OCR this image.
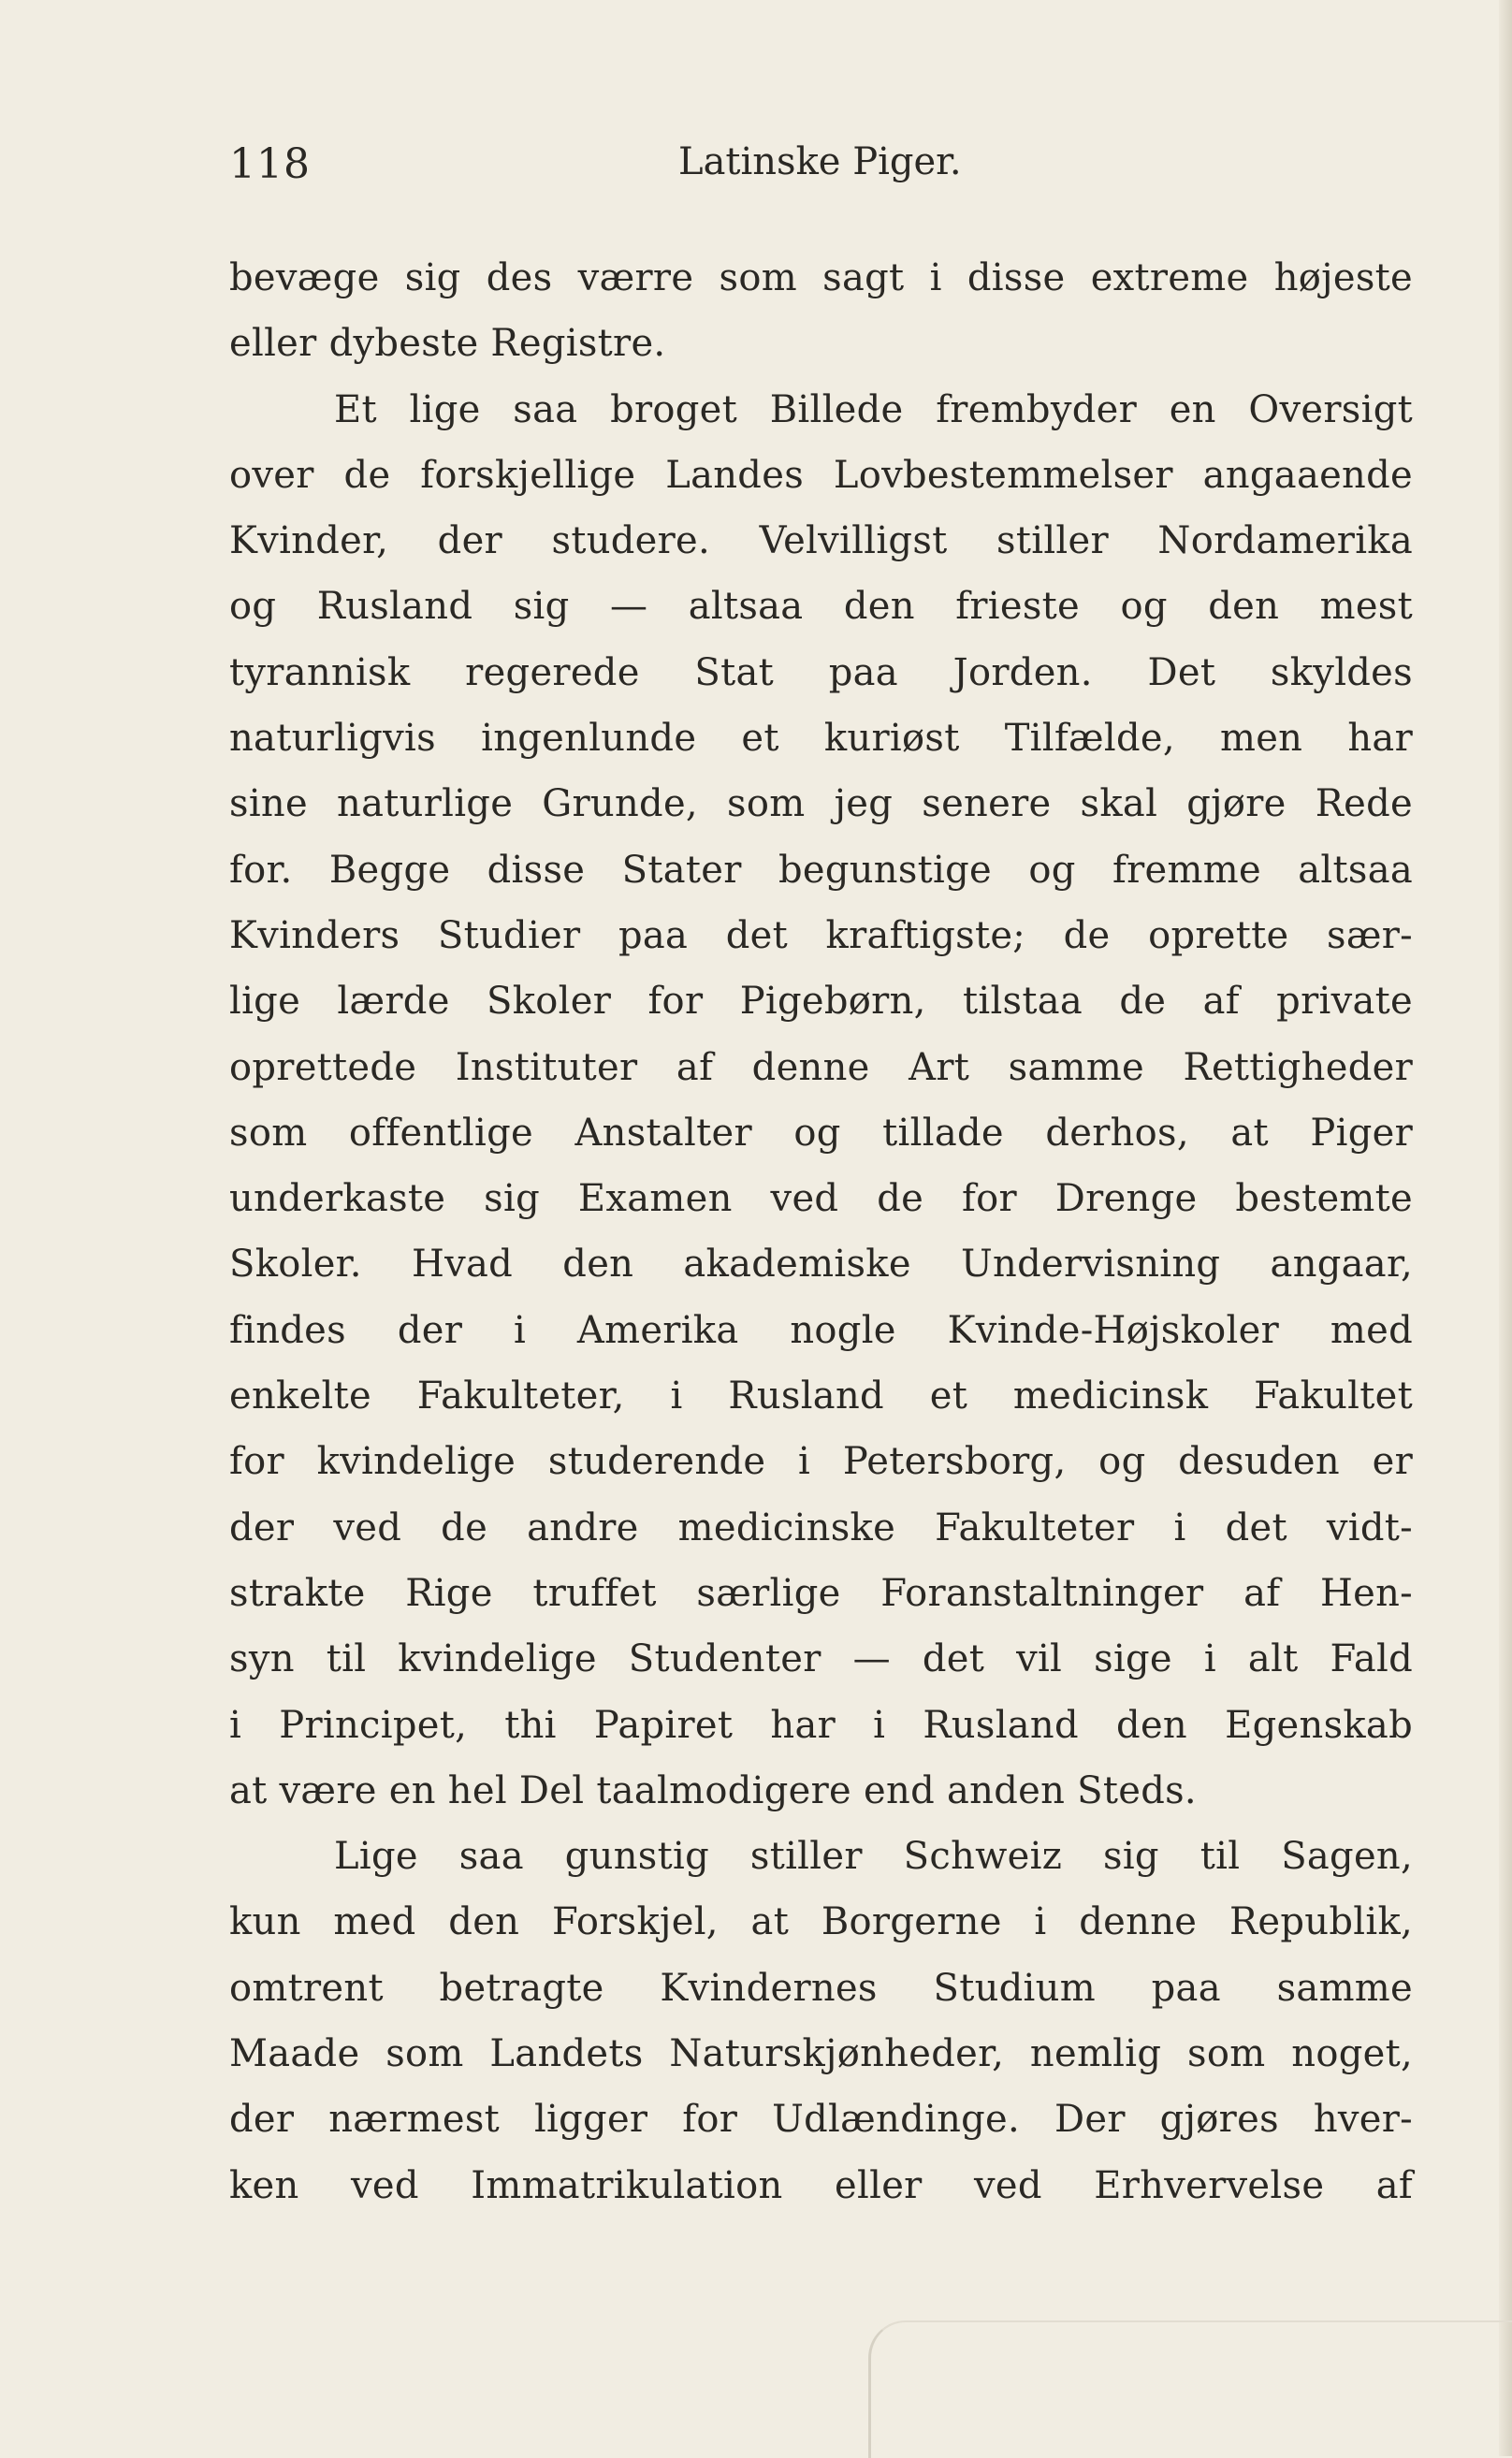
118	Latinske Piger.
bevæge sig des værre som sagt i disse extreme højeste
eller dybeste Registre.
Et lige saa broget Billede frembyder en Oversigt
over de forskjellige Landes Lovbestemmelser angaaende
Kvinder, der studere. Velvilligst stiller Nordamerika
og Rusland sig — altsaa den frieste og den mest
tyrannisk regerede Stat paa Jorden. Det skyldes
naturligvis ingenlunde et kuriøst Tilfælde, men har
sine naturlige Grunde, som jeg senere skal gjøre Rede
for. Begge disse Stater begunstige og fremme altsaa
Kvinders Studier paa det kraftigste; de oprette sær-
lige lærde Skoler for Pigebørn, tilstaa de af private
oprettede Instituter af denne Art samme Rettigheder
som offentlige Anstalter og tillade derhos, at Piger
underkaste sig Examen ved de for Drenge bestemte
Skoler. Hvad den akademiske Undervisning angaar,
findes der i Amerika nogle Kvinde-Højskoler med
enkelte Fakulteter, i Rusland et medicinsk Fakultet
for kvindelige studerende i Petersborg, og desuden er
der ved de andre medicinske Fakulteter i det vidt-
strakte Rige truffet særlige Foranstaltninger af Hen-
syn til kvindelige Studenter — det vil sige i alt Fald
i Principet, thi Papiret har i Rusland den Egenskab
at være en hel Del taalmodigere end anden Steds.
Lige saa gunstig stiller Schweiz sig til Sagen,
kun med den Forskjel, at Borgerne i denne Republik,
omtrent betragte Kvindernes Studium paa samme
Maade som Landets Naturskjønheder, nemlig som noget,
der nærmest ligger for Udlændinge. Der gjøres hver-
ken ved Immatrikulation eller ved Erhvervelse af
